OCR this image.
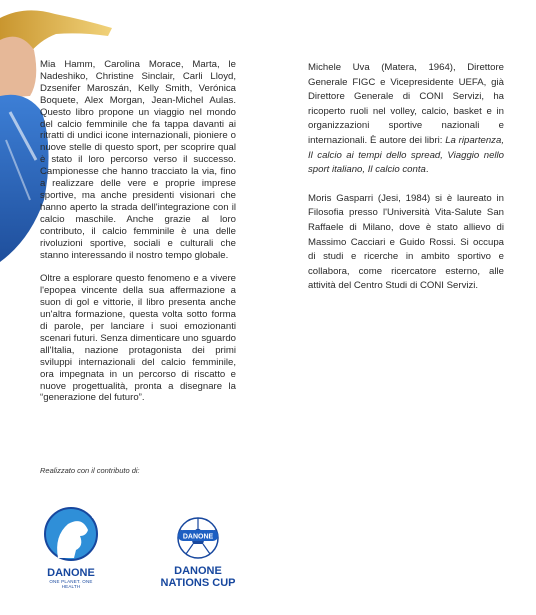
Mia Hamm, Carolina Morace, Marta, le Nadeshiko, Christine Sinclair, Carli Lloyd, Dzsenifer Maroszán, Kelly Smith, Verónica Boquete, Alex Morgan, Jean-Michel Aulas. Questo libro propone un viaggio nel mondo del calcio femminile che fa tappa davanti ai ritratti di undici icone internazionali, pioniere o nuove stelle di questo sport, per scoprire qual è stato il loro percorso verso il successo. Campionesse che hanno tracciato la via, fino a realizzare delle vere e proprie imprese sportive, ma anche presidenti visionari che hanno aperto la strada dell'integrazione con il calcio maschile. Anche grazie al loro contributo, il calcio femminile è una delle rivoluzioni sportive, sociali e culturali che stanno interessando il nostro tempo globale.

Oltre a esplorare questo fenomeno e a vivere l'epopea vincente della sua affermazione a suon di gol e vittorie, il libro presenta anche un'altra formazione, questa volta sotto forma di parole, per lanciare i suoi emozionanti scenari futuri. Senza dimenticare uno sguardo all'Italia, nazione protagonista dei primi sviluppi internazionali del calcio femminile, ora impegnata in un percorso di riscatto e nuove progettualità, pronta a disegnare la “generazione del futuro”.

Michele Uva (Matera, 1964), Direttore Generale FIGC e Vicepresidente UEFA, già Direttore Generale di CONI Servizi, ha ricoperto ruoli nel volley, calcio, basket e in organizzazioni sportive nazionali e internazionali. È autore dei libri: La ripartenza, Il calcio ai tempi dello spread, Viaggio nello sport italiano, Il calcio conta.

Moris Gasparri (Jesi, 1984) si è laureato in Filosofia presso l'Università Vita-Salute San Raffaele di Milano, dove è stato allievo di Massimo Cacciari e Guido Rossi. Si occupa di studi e ricerche in ambito sportivo e collabora, come ricercatore esterno, alle attività del Centro Studi di CONI Servizi.

Realizzato con il contributo di:
★
DANONE
ONE PLANET. ONE HEALTH
DANONE
DANONE
NATIONS CUP
